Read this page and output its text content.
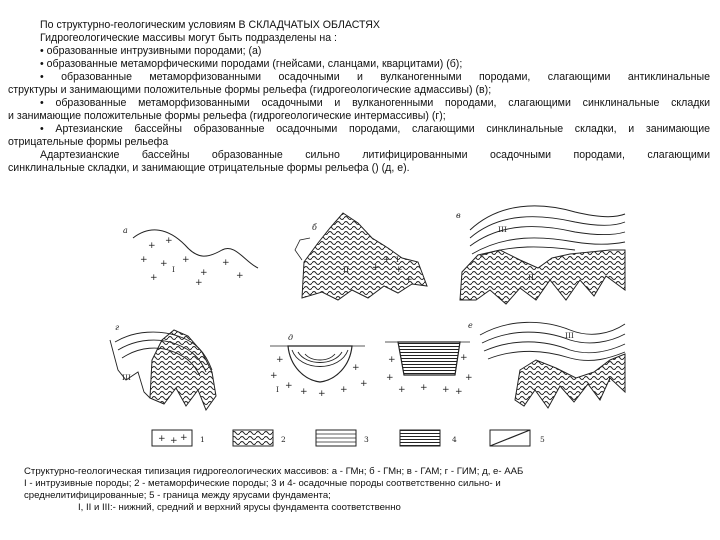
По структурно-геологическим условиям В СКЛАДЧАТЫХ ОБЛАСТЯХ
Гидрогеологические массивы могут быть подразделены на :
• образованные интрузивными породами; (а)
• образованные метаморфическими породами (гнейсами, сланцами, кварцитами) (б);
• образованные метаморфизованными осадочными и вулканогенными породами, слагающими антиклинальные
структуры и занимающими положительные формы рельефа (гидрогеологические адмассивы) (в);
• образованные метаморфизованными осадочными и вулканогенными породами, слагающими синклинальные складки
и занимающие положительные формы рельефа (гидрогеологические интермассивы) (г);
• Артезианские бассейны образованные осадочными породами, слагающими синклинальные складки, и занимающие
отрицательные формы рельефа
Адартезианские бассейны образованные сильно литифицированными осадочными породами, слагающими
синклинальные складки, и занимающие отрицательные формы рельефа () (д, е).
а
+ +
+ + +
+
+
+	+
+
I
б
+
+
+
+
II
I
в
III
II
г
III
д
+
+
+
+ +
+
+
+
I
+
+
+ + +
+
+
+
е
III
I
+ + + 1	2	3	4	5
Структурно-геологическая типизация гидрогеологических массивов: а - ГМн; б - ГМн; в - ГАМ; г - ГИМ; д, е- ААБ
I - интрузивные породы; 2 - метаморфические породы; 3 и 4- осадочные породы соответственно сильно- и
среднелитифицированные; 5 - граница между ярусами фундамента;
I, II и III:- нижний, средний и верхний ярусы фундамента соответственно
